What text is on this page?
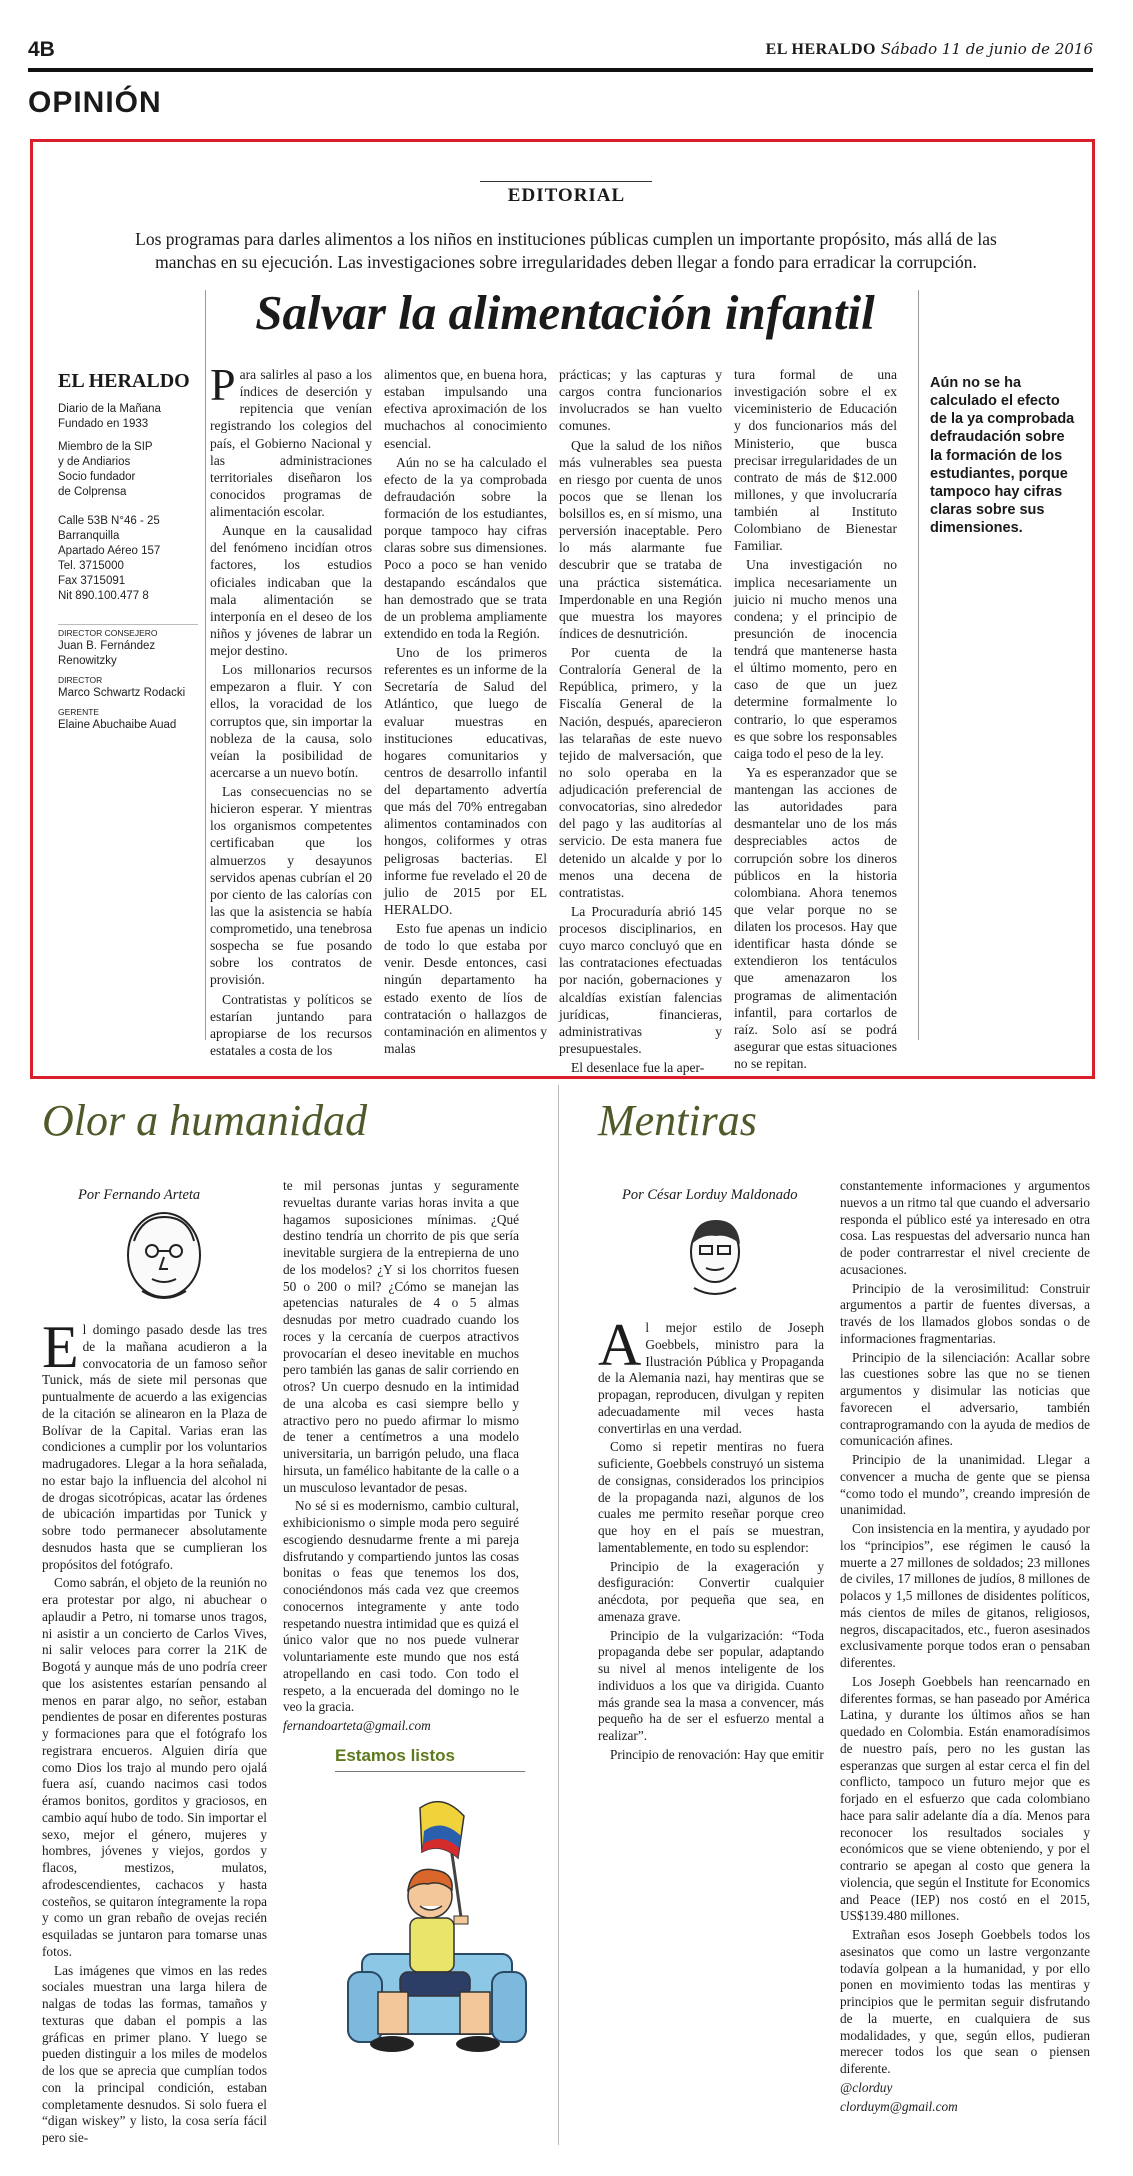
4B	EL HERALDO Sábado 11 de junio de 2016
OPINIÓN
EDITORIAL
Los programas para darles alimentos a los niños en instituciones públicas cumplen un importante propósito, más allá de las manchas en su ejecución. Las investigaciones sobre irregularidades deben llegar a fondo para erradicar la corrupción.
Salvar la alimentación infantil
EL HERALDO
Diario de la Mañana
Fundado en 1933
Miembro de la SIP
y de Andiarios
Socio fundador
de Colprensa
Calle 53B N°46 - 25
Barranquilla
Apartado Aéreo 157
Tel. 3715000
Fax 3715091
Nit 890.100.477 8
DIRECTOR CONSEJERO
Juan B. Fernández Renowitzky
DIRECTOR
Marco Schwartz Rodacki
GERENTE
Elaine Abuchaibe Auad

Para salirles al paso a los índices de deserción y repitencia que venían registrando los colegios del país, el Gobierno Nacional y las administraciones territoriales diseñaron los conocidos programas de alimentación escolar.

Aunque en la causalidad del fenómeno incidían otros factores, los estudios oficiales indicaban que la mala alimentación se interponía en el deseo de los niños y jóvenes de labrar un mejor destino.

Los millonarios recursos empezaron a fluir. Y con ellos, la voracidad de los corruptos que, sin importar la nobleza de la causa, solo veían la posibilidad de acercarse a un nuevo botín.

Las consecuencias no se hicieron esperar. Y mientras los organismos competentes certificaban que los almuerzos y desayunos servidos apenas cubrían el 20 por ciento de las calorías con las que la asistencia se había comprometido, una tenebrosa sospecha se fue posando sobre los contratos de provisión.

Contratistas y políticos se estarían juntando para apropiarse de los recursos estatales a costa de los

alimentos que, en buena hora, estaban impulsando una efectiva aproximación de los muchachos al conocimiento esencial.

Aún no se ha calculado el efecto de la ya comprobada defraudación sobre la formación de los estudiantes, porque tampoco hay cifras claras sobre sus dimensiones. Poco a poco se han venido destapando escándalos que han demostrado que se trata de un problema ampliamente extendido en toda la Región.

Uno de los primeros referentes es un informe de la Secretaría de Salud del Atlántico, que luego de evaluar muestras en instituciones educativas, hogares comunitarios y centros de desarrollo infantil del departamento advertía que más del 70% entregaban alimentos contaminados con hongos, coliformes y otras peligrosas bacterias. El informe fue revelado el 20 de julio de 2015 por EL HERALDO.

Esto fue apenas un indicio de todo lo que estaba por venir. Desde entonces, casi ningún departamento ha estado exento de líos de contratación o hallazgos de contaminación en alimentos y malas

prácticas; y las capturas y cargos contra funcionarios involucrados se han vuelto comunes.

Que la salud de los niños más vulnerables sea puesta en riesgo por cuenta de unos pocos que se llenan los bolsillos es, en sí mismo, una perversión inaceptable. Pero lo más alarmante fue descubrir que se trataba de una práctica sistemática. Imperdonable en una Región que muestra los mayores índices de desnutrición.

Por cuenta de la Contraloría General de la República, primero, y la Fiscalía General de la Nación, después, aparecieron las telarañas de este nuevo tejido de malversación, que no solo operaba en la adjudicación preferencial de convocatorias, sino alrededor del pago y las auditorías al servicio. De esta manera fue detenido un alcalde y por lo menos una decena de contratistas.

La Procuraduría abrió 145 procesos disciplinarios, en cuyo marco concluyó que en las contrataciones efectuadas por nación, gobernaciones y alcaldías existían falencias jurídicas, financieras, administrativas y presupuestales.

El desenlace fue la aper-

tura formal de una investigación sobre el ex viceministerio de Educación y dos funcionarios más del Ministerio, que busca precisar irregularidades de un contrato de más de $12.000 millones, y que involucraría también al Instituto Colombiano de Bienestar Familiar.

Una investigación no implica necesariamente un juicio ni mucho menos una condena; y el principio de presunción de inocencia tendrá que mantenerse hasta el último momento, pero en caso de que un juez determine formalmente lo contrario, lo que esperamos es que sobre los responsables caiga todo el peso de la ley.

Ya es esperanzador que se mantengan las acciones de las autoridades para desmantelar uno de los más despreciables actos de corrupción sobre los dineros públicos en la historia colombiana. Ahora tenemos que velar porque no se dilaten los procesos. Hay que identificar hasta dónde se extendieron los tentáculos que amenazaron los programas de alimentación infantil, para cortarlos de raíz. Solo así se podrá asegurar que estas situaciones no se repitan.

Aún no se ha calculado el efecto de la ya comprobada defraudación sobre la formación de los estudiantes, porque tampoco hay cifras claras sobre sus dimensiones.
Olor a humanidad
Por Fernando Arteta

El domingo pasado desde las tres de la mañana acudieron a la convocatoria de un famoso señor Tunick, más de siete mil personas que puntualmente de acuerdo a las exigencias de la citación se alinearon en la Plaza de Bolívar de la Capital. Varias eran las condiciones a cumplir por los voluntarios madrugadores. Llegar a la hora señalada, no estar bajo la influencia del alcohol ni de drogas sicotrópicas, acatar las órdenes de ubicación impartidas por Tunick y sobre todo permanecer absolutamente desnudos hasta que se cumplieran los propósitos del fotógrafo.

Como sabrán, el objeto de la reunión no era protestar por algo, ni abuchear o aplaudir a Petro, ni tomarse unos tragos, ni asistir a un concierto de Carlos Vives, ni salir veloces para correr la 21K de Bogotá y aunque más de uno podría creer que los asistentes estarían pensando al menos en parar algo, no señor, estaban pendientes de posar en diferentes posturas y formaciones para que el fotógrafo los registrara encueros. Alguien diría que como Dios los trajo al mundo pero ojalá fuera así, cuando nacimos casi todos éramos bonitos, gorditos y graciosos, en cambio aquí hubo de todo. Sin importar el sexo, mejor el género, mujeres y hombres, jóvenes y viejos, gordos y flacos, mestizos, mulatos, afrodescendientes, cachacos y hasta costeños, se quitaron íntegramente la ropa y como un gran rebaño de ovejas recién esquiladas se juntaron para tomarse unas fotos.

Las imágenes que vimos en las redes sociales muestran una larga hilera de nalgas de todas las formas, tamaños y texturas que daban el pompis a las gráficas en primer plano. Y luego se pueden distinguir a los miles de modelos de los que se aprecia que cumplían todos con la principal condición, estaban completamente desnudos. Si solo fuera el “digan wiskey” y listo, la cosa sería fácil pero sie-

te mil personas juntas y seguramente revueltas durante varias horas invita a que hagamos suposiciones mínimas. ¿Qué destino tendría un chorrito de pis que sería inevitable surgiera de la entrepierna de uno de los modelos? ¿Y si los chorritos fuesen 50 o 200 o mil? ¿Cómo se manejan las apetencias naturales de 4 o 5 almas desnudas por metro cuadrado cuando los roces y la cercanía de cuerpos atractivos provocarían el deseo inevitable en muchos pero también las ganas de salir corriendo en otros? Un cuerpo desnudo en la intimidad de una alcoba es casi siempre bello y atractivo pero no puedo afirmar lo mismo de tener a centímetros a una modelo universitaria, un barrigón peludo, una flaca hirsuta, un famélico habitante de la calle o a un musculoso levantador de pesas.

No sé si es modernismo, cambio cultural, exhibicionismo o simple moda pero seguiré escogiendo desnudarme frente a mi pareja disfrutando y compartiendo juntos las cosas bonitas o feas que tenemos los dos, conociéndonos más cada vez que creemos conocernos integramente y ante todo respetando nuestra intimidad que es quizá el único valor que no nos puede vulnerar voluntariamente este mundo que nos está atropellando en casi todo. Con todo el respeto, a la encuerada del domingo no le veo la gracia.

fernandoarteta@gmail.com

Estamos listos
Mentiras
Por César Lorduy Maldonado

Al mejor estilo de Joseph Goebbels, ministro para la Ilustración Pública y Propaganda de la Alemania nazi, hay mentiras que se propagan, reproducen, divulgan y repiten adecuadamente mil veces hasta convertirlas en una verdad.

Como si repetir mentiras no fuera suficiente, Goebbels construyó un sistema de consignas, considerados los principios de la propaganda nazi, algunos de los cuales me permito reseñar porque creo que hoy en el país se muestran, lamentablemente, en todo su esplendor:

Principio de la exageración y desfiguración: Convertir cualquier anécdota, por pequeña que sea, en amenaza grave.

Principio de la vulgarización: “Toda propaganda debe ser popular, adaptando su nivel al menos inteligente de los individuos a los que va dirigida. Cuanto más grande sea la masa a convencer, más pequeño ha de ser el esfuerzo mental a realizar”.

Principio de renovación: Hay que emitir

constantemente informaciones y argumentos nuevos a un ritmo tal que cuando el adversario responda el público esté ya interesado en otra cosa. Las respuestas del adversario nunca han de poder contrarrestar el nivel creciente de acusaciones.

Principio de la verosimilitud: Construir argumentos a partir de fuentes diversas, a través de los llamados globos sondas o de informaciones fragmentarias.

Principio de la silenciación: Acallar sobre las cuestiones sobre las que no se tienen argumentos y disimular las noticias que favorecen el adversario, también contraprogramando con la ayuda de medios de comunicación afines.

Principio de la unanimidad. Llegar a convencer a mucha de gente que se piensa “como todo el mundo”, creando impresión de unanimidad.

Con insistencia en la mentira, y ayudado por los “principios”, ese régimen le causó la muerte a 27 millones de soldados; 23 millones de civiles, 17 millones de judíos, 8 millones de polacos y 1,5 millones de disidentes políticos, más cientos de miles de gitanos, religiosos, negros, discapacitados, etc., fueron asesinados exclusivamente porque todos eran o pensaban diferentes.

Los Joseph Goebbels han reencarnado en diferentes formas, se han paseado por América Latina, y durante los últimos años se han quedado en Colombia. Están enamoradísimos de nuestro país, pero no les gustan las esperanzas que surgen al estar cerca el fin del conflicto, tampoco un futuro mejor que es forjado en el esfuerzo que cada colombiano hace para salir adelante día a día. Menos para reconocer los resultados sociales y económicos que se viene obteniendo, y por el contrario se apegan al costo que genera la violencia, que según el Institute for Economics and Peace (IEP) nos costó en el 2015, US$139.480 millones.

Extrañan esos Joseph Goebbels todos los asesinatos que como un lastre vergonzante todavía golpean a la humanidad, y por ello ponen en movimiento todas las mentiras y principios que le permitan seguir disfrutando de la muerte, en cualquiera de sus modalidades, y que, según ellos, pudieran merecer todos los que sean o piensen diferente.

@clorduy

clorduym@gmail.com
